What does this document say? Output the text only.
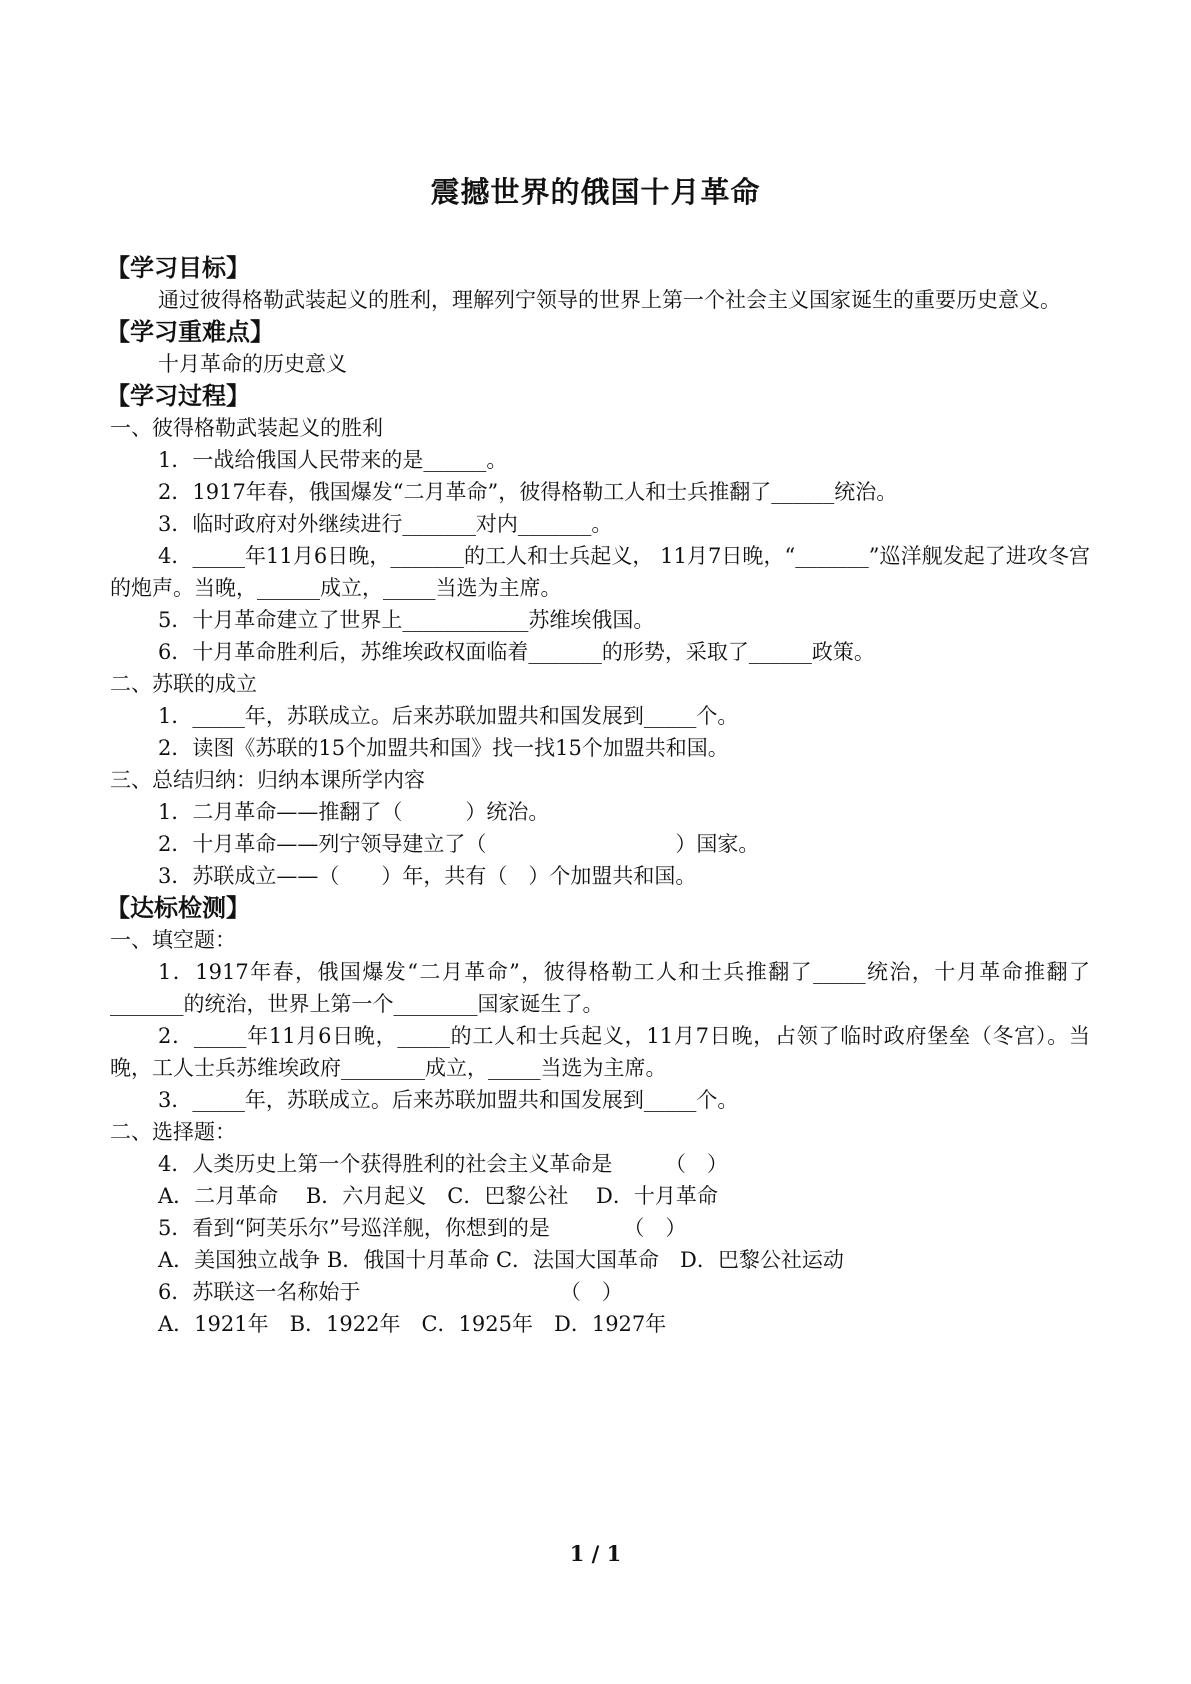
震撼世界的俄国十月革命
【学习目标】
通过彼得格勒武装起义的胜利，理解列宁领导的世界上第一个社会主义国家诞生的重要历史意义。
【学习重难点】
十月革命的历史意义
【学习过程】
一、彼得格勒武装起义的胜利
1．一战给俄国人民带来的是______。
2．1917年春，俄国爆发“二月革命”，彼得格勒工人和士兵推翻了______统治。
3．临时政府对外继续进行_______对内_______。
4．_____年11月6日晚，_______的工人和士兵起义， 11月7日晚，“_______”巡洋舰发起了进攻冬宫的炮声。当晚，______成立，_____当选为主席。
5．十月革命建立了世界上____________苏维埃俄国。
6．十月革命胜利后，苏维埃政权面临着_______的形势，采取了______政策。
二、苏联的成立
1．_____年，苏联成立。后来苏联加盟共和国发展到_____个。
2．读图《苏联的15个加盟共和国》找一找15个加盟共和国。
三、总结归纳：归纳本课所学内容
1．二月革命——推翻了（　　　）统治。
2．十月革命——列宁领导建立了（　　　　　　　　　）国家。
3．苏联成立——（　　）年，共有（　）个加盟共和国。
【达标检测】
一、填空题：
1．1917年春，俄国爆发“二月革命”，彼得格勒工人和士兵推翻了_____统治，十月革命推翻了_______的统治，世界上第一个________国家诞生了。
2．_____年11月6日晚，_____的工人和士兵起义，11月7日晚，占领了临时政府堡垒（冬宫）。当晚，工人士兵苏维埃政府________成立，_____当选为主席。
3．_____年，苏联成立。后来苏联加盟共和国发展到_____个。
二、选择题：
4．人类历史上第一个获得胜利的社会主义革命是　　　（　）
A．二月革命　 B．六月起义　C．巴黎公社　 D．十月革命
5．看到“阿芙乐尔”号巡洋舰，你想到的是　　　　（　）
A．美国独立战争 B．俄国十月革命 C．法国大国革命　D．巴黎公社运动
6．苏联这一名称始于　　　　　　　　　　（　）
A．1921年　B．1922年　C．1925年　D．1927年
1 / 1
